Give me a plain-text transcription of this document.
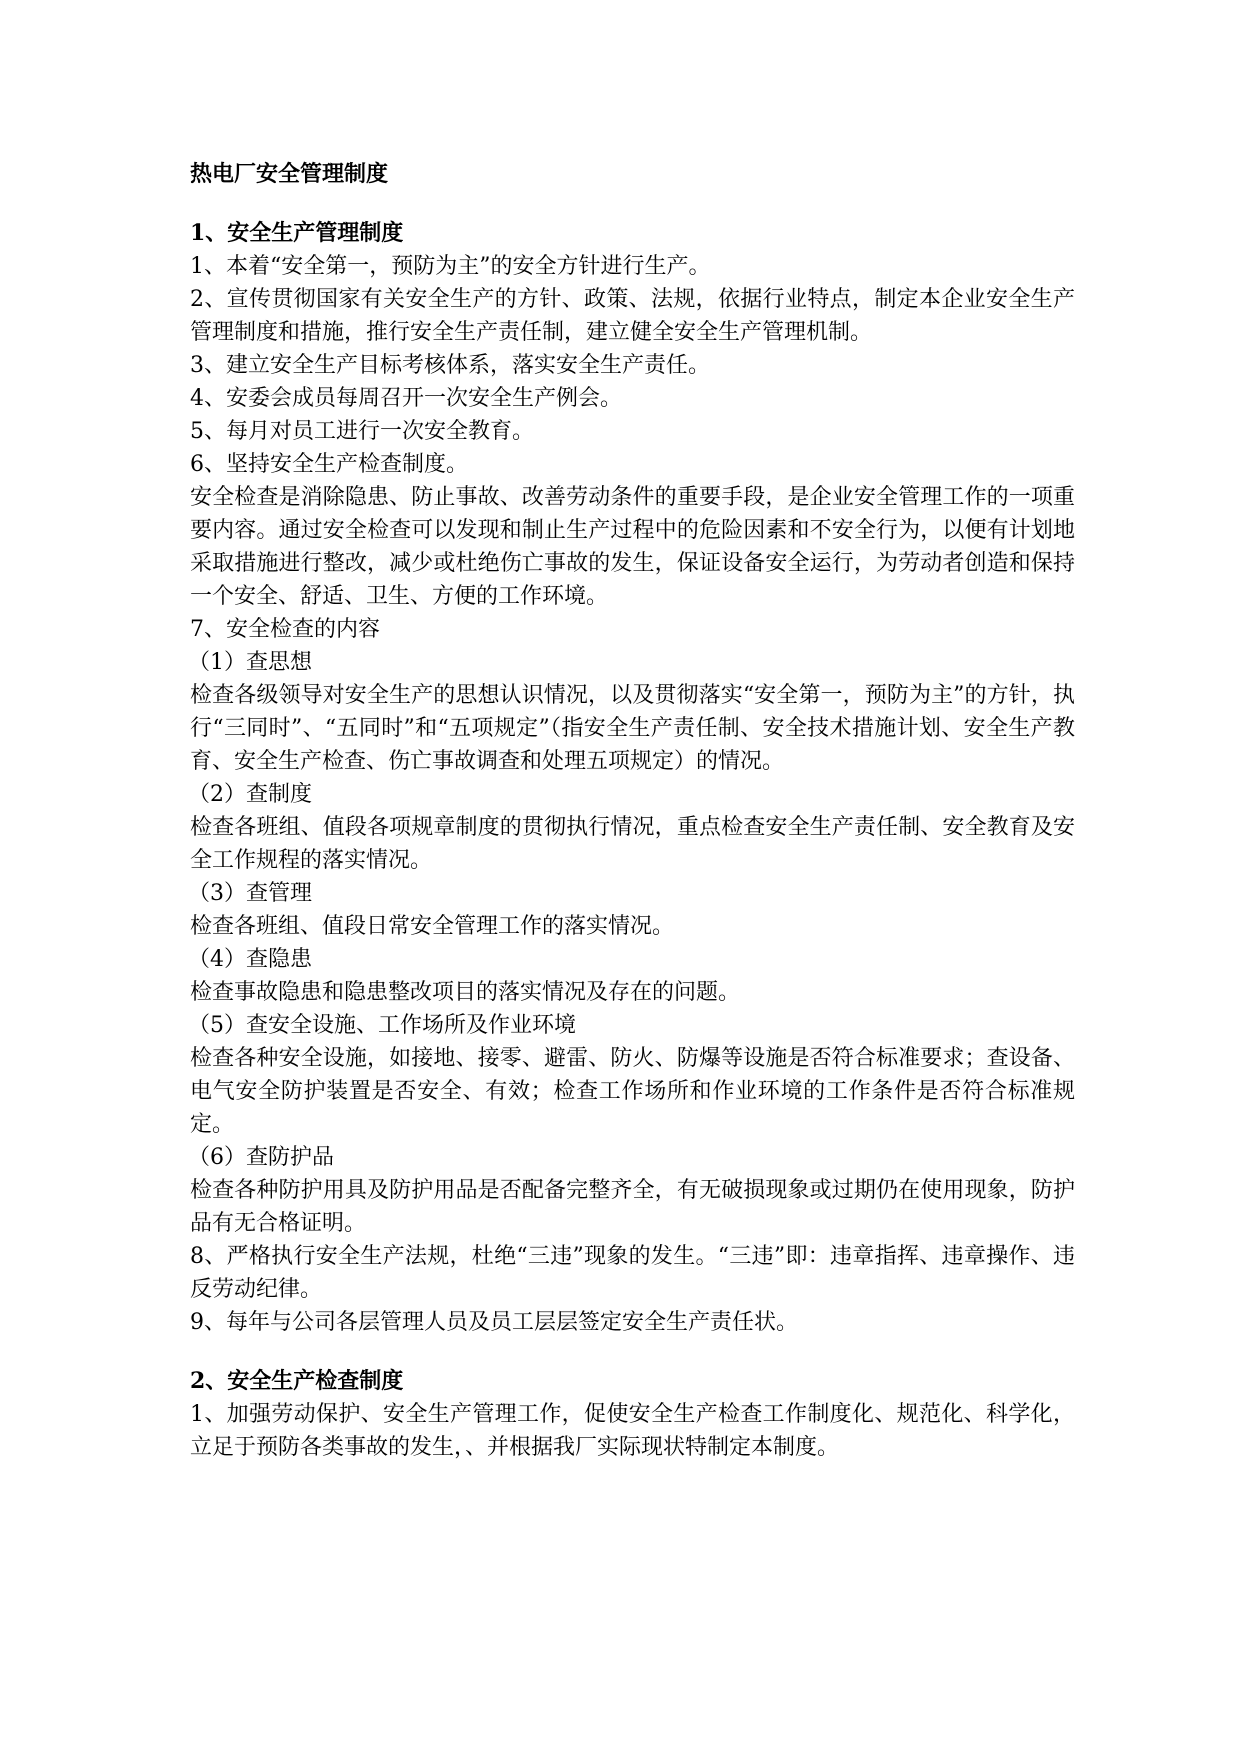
热电厂安全管理制度
1、安全生产管理制度

1、本着“安全第一，预防为主”的安全方针进行生产。

2、宣传贯彻国家有关安全生产的方针、政策、法规，依据行业特点，制定本企业安全生产管理制度和措施，推行安全生产责任制，建立健全安全生产管理机制。

3、建立安全生产目标考核体系，落实安全生产责任。

4、安委会成员每周召开一次安全生产例会。

5、每月对员工进行一次安全教育。

6、坚持安全生产检查制度。

安全检查是消除隐患、防止事故、改善劳动条件的重要手段，是企业安全管理工作的一项重要内容。通过安全检查可以发现和制止生产过程中的危险因素和不安全行为，以便有计划地采取措施进行整改，减少或杜绝伤亡事故的发生，保证设备安全运行，为劳动者创造和保持一个安全、舒适、卫生、方便的工作环境。

7、安全检查的内容

（1）查思想

检查各级领导对安全生产的思想认识情况，以及贯彻落实“安全第一，预防为主”的方针，执行“三同时”、“五同时”和“五项规定”（指安全生产责任制、安全技术措施计划、安全生产教育、安全生产检查、伤亡事故调查和处理五项规定）的情况。

（2）查制度

检查各班组、值段各项规章制度的贯彻执行情况，重点检查安全生产责任制、安全教育及安全工作规程的落实情况。

（3）查管理

检查各班组、值段日常安全管理工作的落实情况。

（4）查隐患

检查事故隐患和隐患整改项目的落实情况及存在的问题。

（5）查安全设施、工作场所及作业环境

检查各种安全设施，如接地、接零、避雷、防火、防爆等设施是否符合标准要求；查设备、电气安全防护装置是否安全、有效；检查工作场所和作业环境的工作条件是否符合标准规定。

（6）查防护品

检查各种防护用具及防护用品是否配备完整齐全，有无破损现象或过期仍在使用现象，防护品有无合格证明。

8、严格执行安全生产法规，杜绝“三违”现象的发生。“三违”即：违章指挥、违章操作、违反劳动纪律。

9、每年与公司各层管理人员及员工层层签定安全生产责任状。

2、安全生产检查制度

1、加强劳动保护、安全生产管理工作，促使安全生产检查工作制度化、规范化、科学化，立足于预防各类事故的发生，、并根据我厂实际现状特制定本制度。
